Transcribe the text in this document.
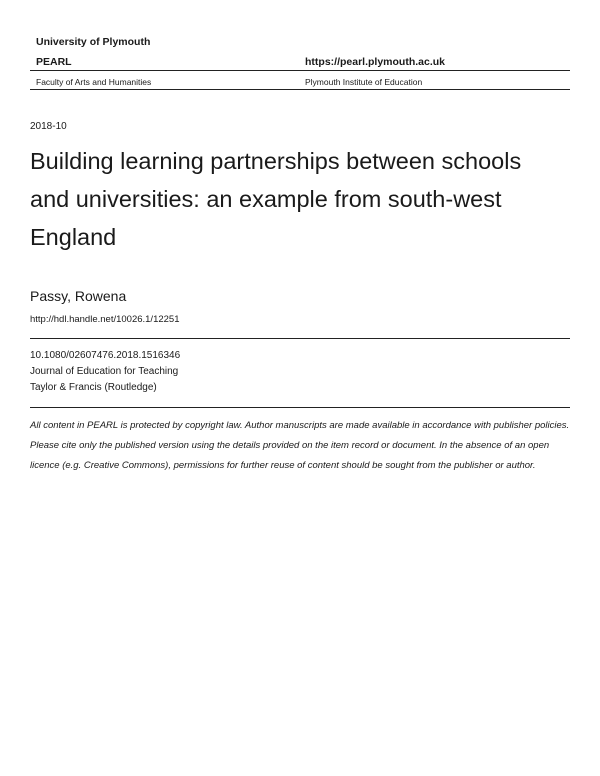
University of Plymouth
PEARL	https://pearl.plymouth.ac.uk
Faculty of Arts and Humanities	Plymouth Institute of Education
2018-10
Building learning partnerships between schools and universities: an example from south-west England
Passy, Rowena
http://hdl.handle.net/10026.1/12251
10.1080/02607476.2018.1516346
Journal of Education for Teaching
Taylor & Francis (Routledge)
All content in PEARL is protected by copyright law. Author manuscripts are made available in accordance with publisher policies. Please cite only the published version using the details provided on the item record or document. In the absence of an open licence (e.g. Creative Commons), permissions for further reuse of content should be sought from the publisher or author.
